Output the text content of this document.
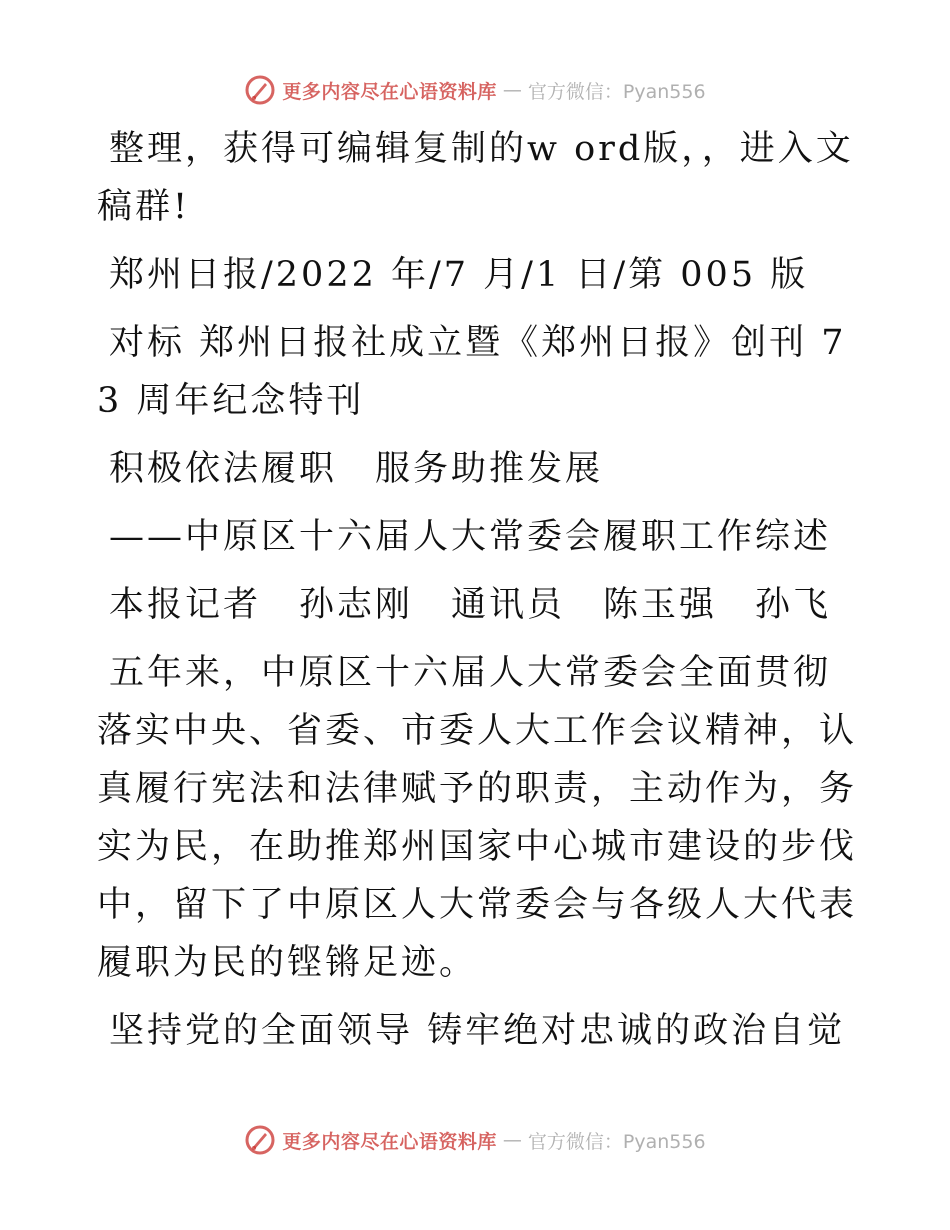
更多内容尽在心语资料库 — 官方微信：Pyan556

整理，获得可编辑复制的w ord版，，进入文稿群!

郑州日报/2022 年/7 月/1 日/第 005 版

对标 郑州日报社成立暨《郑州日报》创刊 73 周年纪念特刊

积极依法履职　服务助推发展

——中原区十六届人大常委会履职工作综述

本报记者　孙志刚　通讯员　陈玉强　孙飞

五年来，中原区十六届人大常委会全面贯彻落实中央、省委、市委人大工作会议精神，认真履行宪法和法律赋予的职责，主动作为，务实为民，在助推郑州国家中心城市建设的步伐中，留下了中原区人大常委会与各级人大代表履职为民的铿锵足迹。

坚持党的全面领导 铸牢绝对忠诚的政治自觉

更多内容尽在心语资料库 — 官方微信：Pyan556
